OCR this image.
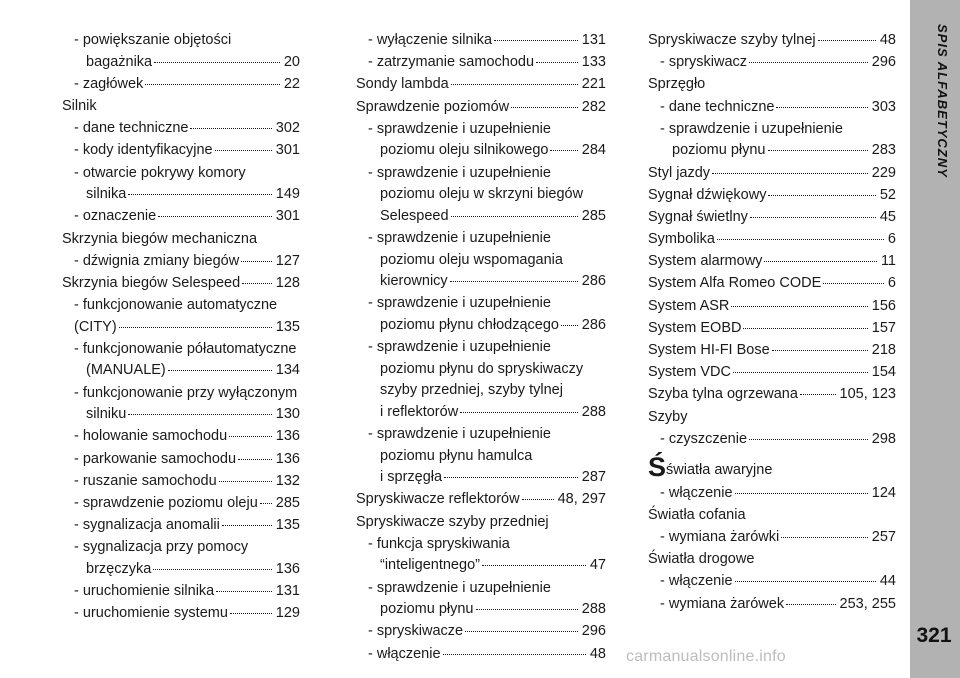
- powiększanie objętości
bagażnika	20
- zagłówek	22
Silnik
- dane techniczne	302
- kody identyfikacyjne	301
- otwarcie pokrywy komory
silnika	149
- oznaczenie	301
Skrzynia biegów mechaniczna
- dźwignia zmiany biegów	127
Skrzynia biegów Selespeed 128
- funkcjonowanie automatyczne
(CITY)	135
- funkcjonowanie półautomatyczne
(MANUALE)	134
- funkcjonowanie przy wyłączonym
silniku	130
- holowanie samochodu	136
- parkowanie samochodu	136
- ruszanie samochodu	132
- sprawdzenie poziomu oleju 285
- sygnalizacja anomalii	135
- sygnalizacja przy pomocy
brzęczyka	136
- uruchomienie silnika	131
- uruchomienie systemu	129
- wyłączenie silnika	131
- zatrzymanie samochodu	133
Sondy lambda	221
Sprawdzenie poziomów	282
- sprawdzenie i uzupełnienie
poziomu oleju silnikowego 284
- sprawdzenie i uzupełnienie
poziomu oleju w skrzyni biegów
Selespeed	285
- sprawdzenie i uzupełnienie
poziomu oleju wspomagania
kierownicy	286
- sprawdzenie i uzupełnienie
poziomu płynu chłodzącego 286
- sprawdzenie i uzupełnienie
poziomu płynu do spryskiwaczy
szyby przedniej, szyby tylnej
i reflektorów	288
- sprawdzenie i uzupełnienie
poziomu płynu hamulca
i sprzęgła	287
Spryskiwacze reflektorów	48, 297
Spryskiwacze szyby przedniej
- funkcja spryskiwania
“inteligentnego”	47
- sprawdzenie i uzupełnienie
poziomu płynu	288
- spryskiwacze	296
- włączenie	48
Spryskiwacze szyby tylnej	48
- spryskiwacz	296
Sprzęgło
- dane techniczne	303
- sprawdzenie i uzupełnienie
poziomu płynu	283
Styl jazdy	229
Sygnał dźwiękowy	52
Sygnał świetlny	45
Symbolika	6
System alarmowy	11
System Alfa Romeo CODE	6
System ASR	156
System EOBD	157
System HI-FI Bose	218
System VDC	154
Szyba tylna ogrzewana	105, 123
Szyby
- czyszczenie	298
Śświatła awaryjne
- włączenie	124
Światła cofania
- wymiana żarówki	257
Światła drogowe
- włączenie	44
- wymiana żarówek	253, 255
SPIS ALFABETYCZNY
321
carmanualsonline.info
